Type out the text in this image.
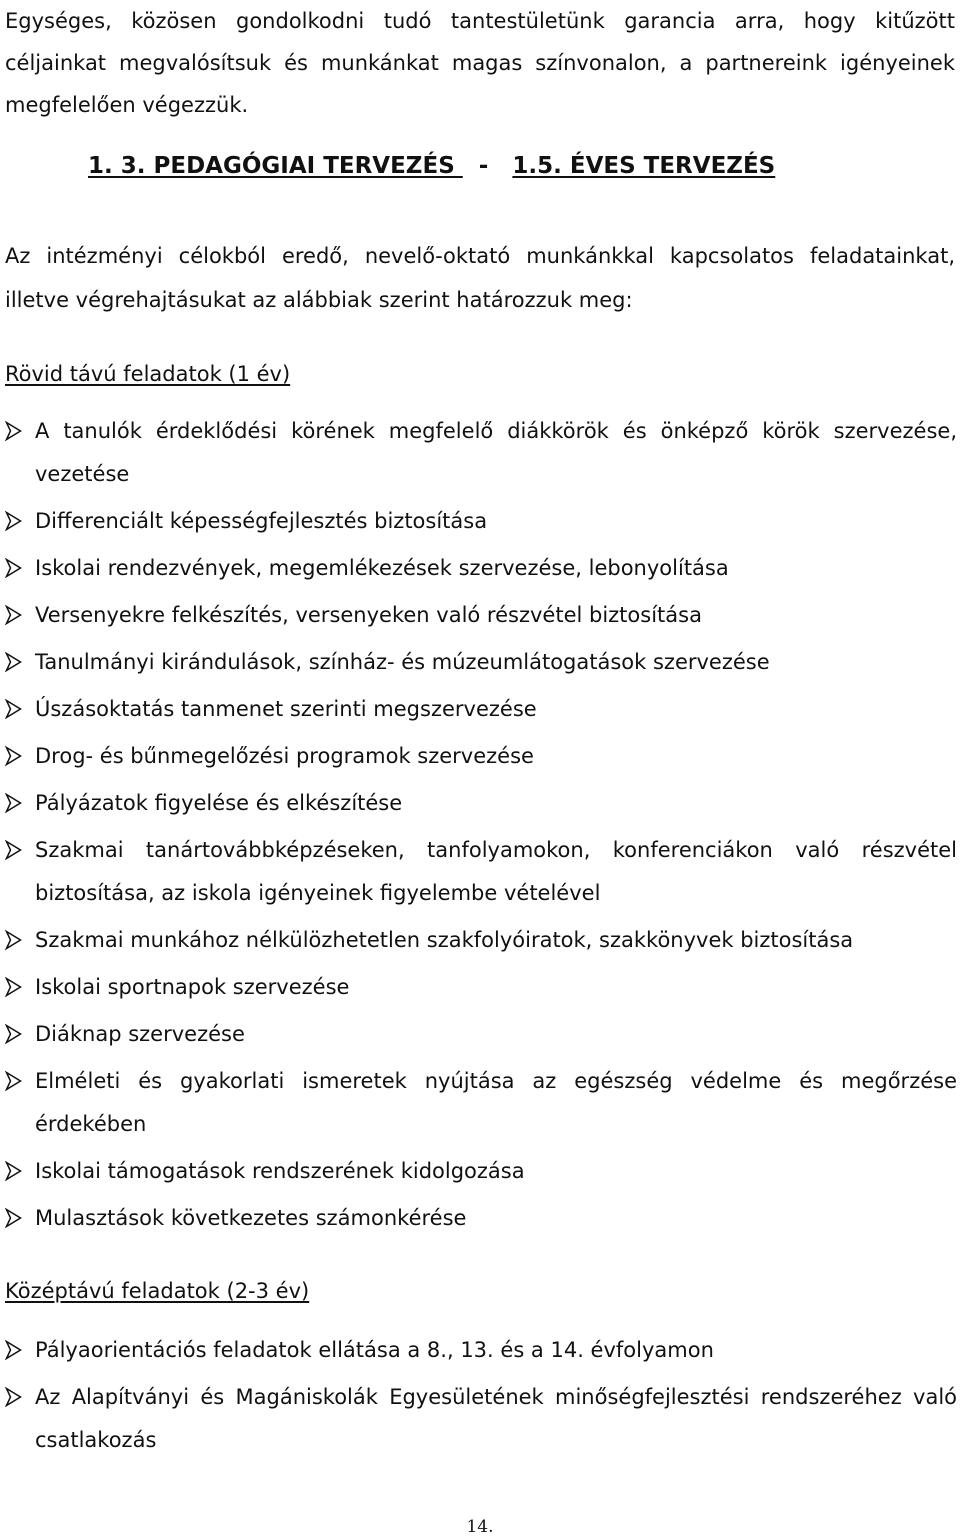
Egységes, közösen gondolkodni tudó tantestületünk garancia arra, hogy kitűzött céljainkat megvalósítsuk és munkánkat magas színvonalon, a partnereink igényeinek megfelelően végezzük.

1. 3. PEDAGÓGIAI TERVEZÉS   -   1.5. ÉVES TERVEZÉS

Az intézményi célokból eredő, nevelő-oktató munkánkkal kapcsolatos feladatainkat, illetve végrehajtásukat az alábbiak szerint határozzuk meg:

Rövid távú feladatok (1 év)

A tanulók érdeklődési körének megfelelő diákkörök és önképző körök szervezése, vezetése
Differenciált képességfejlesztés biztosítása
Iskolai rendezvények, megemlékezések szervezése, lebonyolítása
Versenyekre felkészítés, versenyeken való részvétel biztosítása
Tanulmányi kirándulások, színház- és múzeumlátogatások szervezése
Úszásoktatás tanmenet szerinti megszervezése
Drog- és bűnmegelőzési programok szervezése
Pályázatok figyelése és elkészítése
Szakmai tanártovábbképzéseken, tanfolyamokon, konferenciákon való részvétel biztosítása, az iskola igényeinek figyelembe vételével
Szakmai munkához nélkülözhetetlen szakfolyóiratok, szakkönyvek biztosítása
Iskolai sportnapok szervezése
Diáknap szervezése
Elméleti és gyakorlati ismeretek nyújtása az egészség védelme és megőrzése érdekében
Iskolai támogatások rendszerének kidolgozása
Mulasztások következetes számonkérése

Középtávú feladatok (2-3 év)

Pályaorientációs feladatok ellátása a 8., 13. és a 14. évfolyamon
Az Alapítványi és Magániskolák Egyesületének minőségfejlesztési rendszeréhez való csatlakozás

14.
